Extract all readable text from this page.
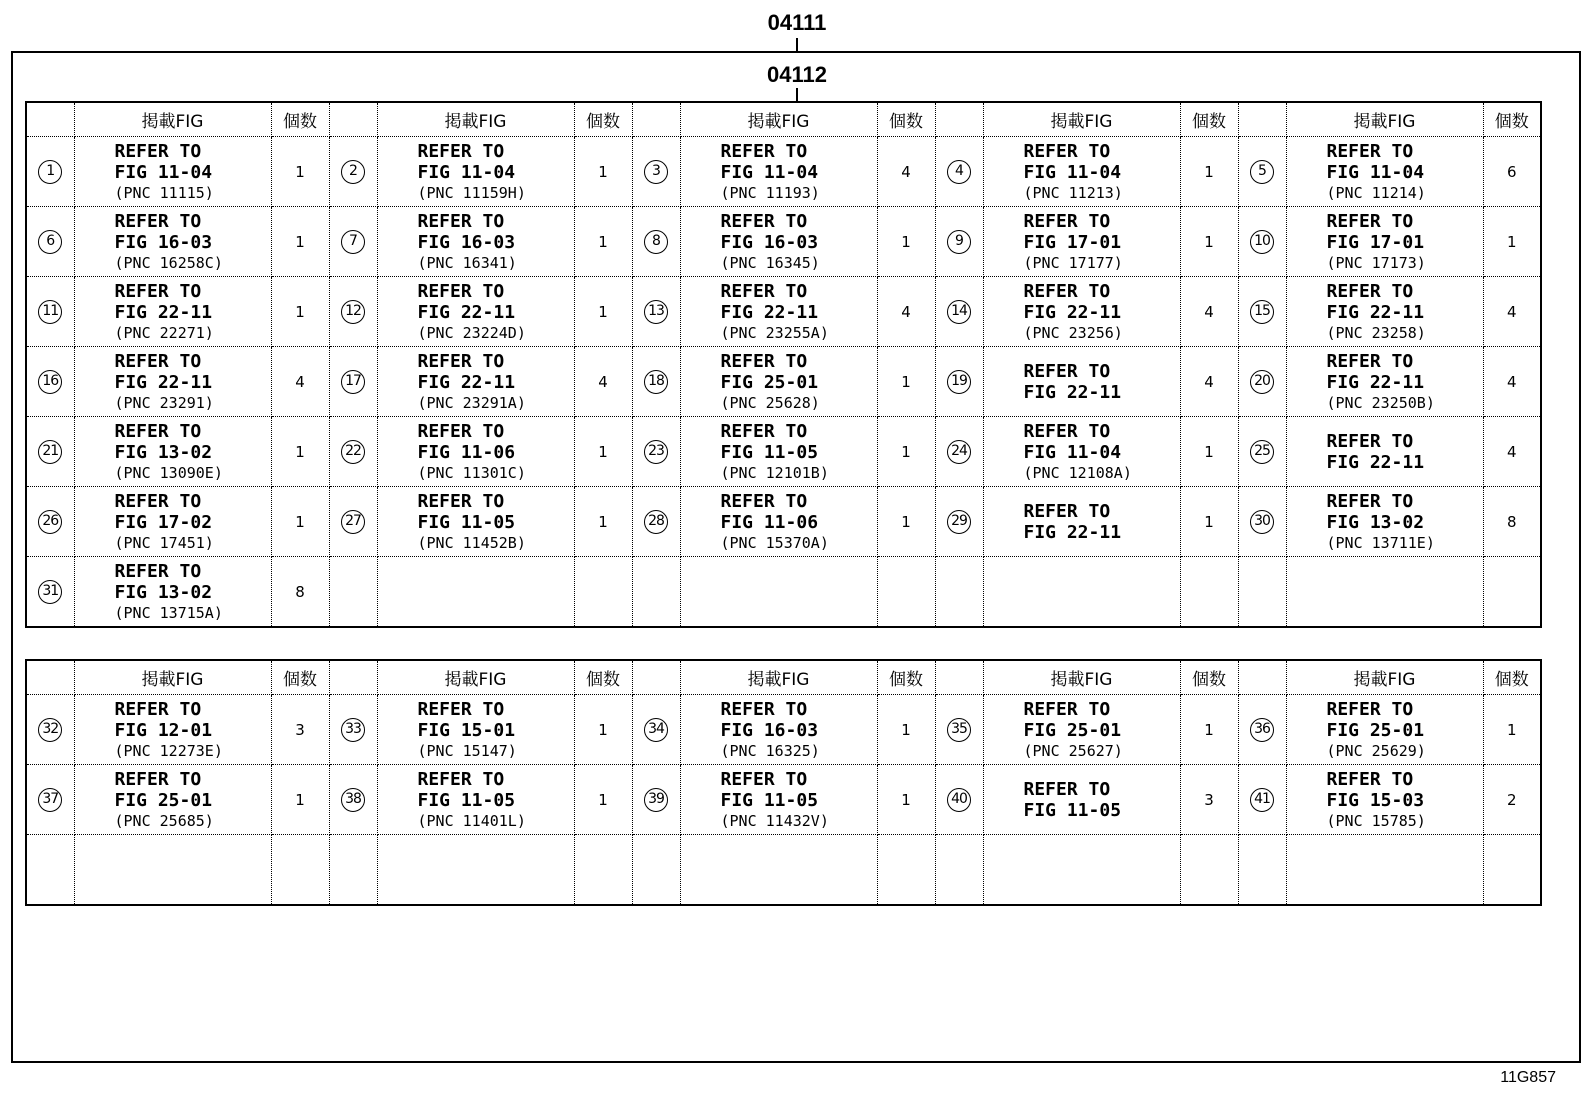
04111
04112
	掲載FIG	個数		掲載FIG	個数		掲載FIG	個数		掲載FIG	個数		掲載FIG	個数
1	REFER TO
FIG 11-04
(PNC 11115)	1	2	REFER TO
FIG 11-04
(PNC 11159H)	1	3	REFER TO
FIG 11-04
(PNC 11193)	4	4	REFER TO
FIG 11-04
(PNC 11213)	1	5	REFER TO
FIG 11-04
(PNC 11214)	6
6	REFER TO
FIG 16-03
(PNC 16258C)	1	7	REFER TO
FIG 16-03
(PNC 16341)	1	8	REFER TO
FIG 16-03
(PNC 16345)	1	9	REFER TO
FIG 17-01
(PNC 17177)	1	10	REFER TO
FIG 17-01
(PNC 17173)	1
11	REFER TO
FIG 22-11
(PNC 22271)	1	12	REFER TO
FIG 22-11
(PNC 23224D)	1	13	REFER TO
FIG 22-11
(PNC 23255A)	4	14	REFER TO
FIG 22-11
(PNC 23256)	4	15	REFER TO
FIG 22-11
(PNC 23258)	4
16	REFER TO
FIG 22-11
(PNC 23291)	4	17	REFER TO
FIG 22-11
(PNC 23291A)	4	18	REFER TO
FIG 25-01
(PNC 25628)	1	19	REFER TO
FIG 22-11	4	20	REFER TO
FIG 22-11
(PNC 23250B)	4
21	REFER TO
FIG 13-02
(PNC 13090E)	1	22	REFER TO
FIG 11-06
(PNC 11301C)	1	23	REFER TO
FIG 11-05
(PNC 12101B)	1	24	REFER TO
FIG 11-04
(PNC 12108A)	1	25	REFER TO
FIG 22-11	4
26	REFER TO
FIG 17-02
(PNC 17451)	1	27	REFER TO
FIG 11-05
(PNC 11452B)	1	28	REFER TO
FIG 11-06
(PNC 15370A)	1	29	REFER TO
FIG 22-11	1	30	REFER TO
FIG 13-02
(PNC 13711E)	8
31	REFER TO
FIG 13-02
(PNC 13715A)	8												
	掲載FIG	個数		掲載FIG	個数		掲載FIG	個数		掲載FIG	個数		掲載FIG	個数
32	REFER TO
FIG 12-01
(PNC 12273E)	3	33	REFER TO
FIG 15-01
(PNC 15147)	1	34	REFER TO
FIG 16-03
(PNC 16325)	1	35	REFER TO
FIG 25-01
(PNC 25627)	1	36	REFER TO
FIG 25-01
(PNC 25629)	1
37	REFER TO
FIG 25-01
(PNC 25685)	1	38	REFER TO
FIG 11-05
(PNC 11401L)	1	39	REFER TO
FIG 11-05
(PNC 11432V)	1	40	REFER TO
FIG 11-05	3	41	REFER TO
FIG 15-03
(PNC 15785)	2

11G857
